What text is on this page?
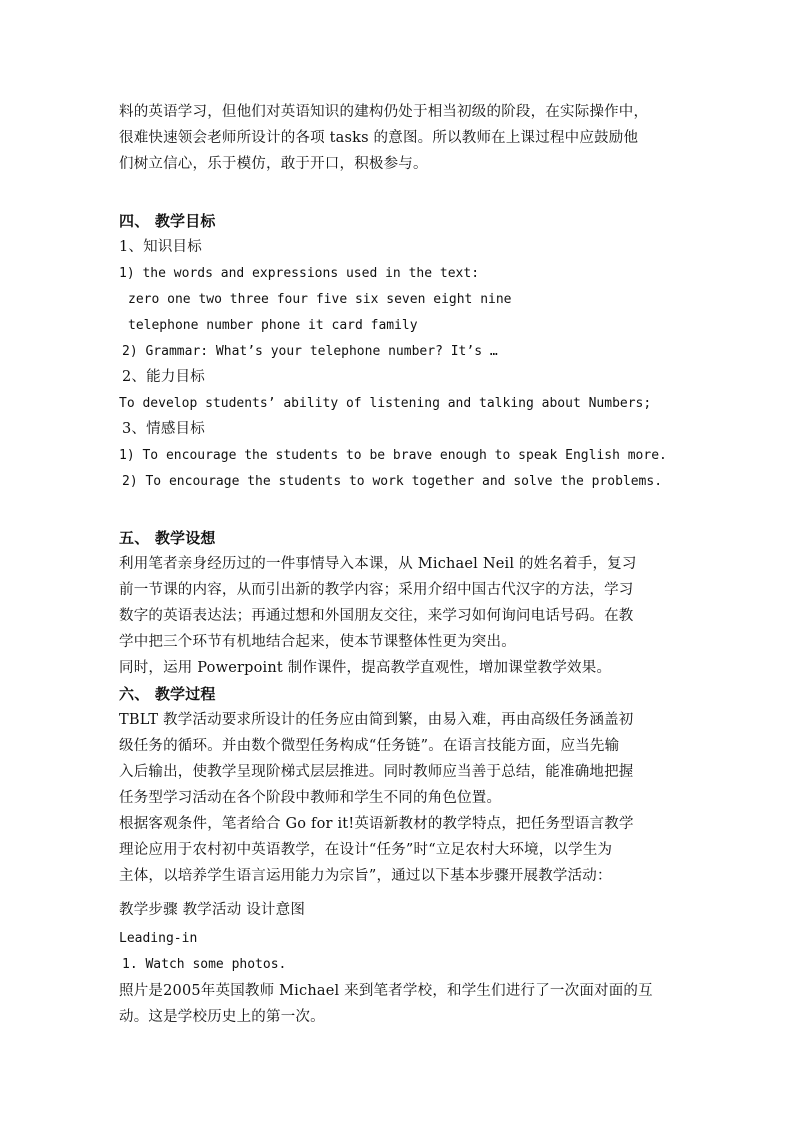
料的英语学习，但他们对英语知识的建构仍处于相当初级的阶段，在实际操作中，
很难快速领会老师所设计的各项 tasks 的意图。所以教师在上课过程中应鼓励他
们树立信心，乐于模仿，敢于开口，积极参与。
四、 教学目标
1、知识目标
1) the words and expressions used in the text:
zero one two three four five six seven eight nine
telephone number phone it card family
2) Grammar: What’s your telephone number? It’s …
2、能力目标
To develop students’ ability of listening and talking about Numbers;
3、情感目标
1) To encourage the students to be brave enough to speak English more.
2) To encourage the students to work together and solve the problems.
五、 教学设想
利用笔者亲身经历过的一件事情导入本课，从 Michael Neil 的姓名着手，复习
前一节课的内容，从而引出新的教学内容；采用介绍中国古代汉字的方法，学习
数字的英语表达法；再通过想和外国朋友交往，来学习如何询问电话号码。在教
学中把三个环节有机地结合起来，使本节课整体性更为突出。
同时，运用 Powerpoint 制作课件，提高教学直观性，增加课堂教学效果。
六、 教学过程
TBLT 教学活动要求所设计的任务应由简到繁，由易入难，再由高级任务涵盖初
级任务的循环。并由数个微型任务构成“任务链”。在语言技能方面，应当先输
入后输出，使教学呈现阶梯式层层推进。同时教师应当善于总结，能准确地把握
任务型学习活动在各个阶段中教师和学生不同的角色位置。
根据客观条件，笔者给合 Go for it!英语新教材的教学特点，把任务型语言教学
理论应用于农村初中英语教学，在设计“任务”时“立足农村大环境，以学生为
主体，以培养学生语言运用能力为宗旨”，通过以下基本步骤开展教学活动：
教学步骤 教学活动 设计意图
Leading-in
1. Watch some photos.
照片是2005年英国教师 Michael 来到笔者学校，和学生们进行了一次面对面的互
动。这是学校历史上的第一次。
